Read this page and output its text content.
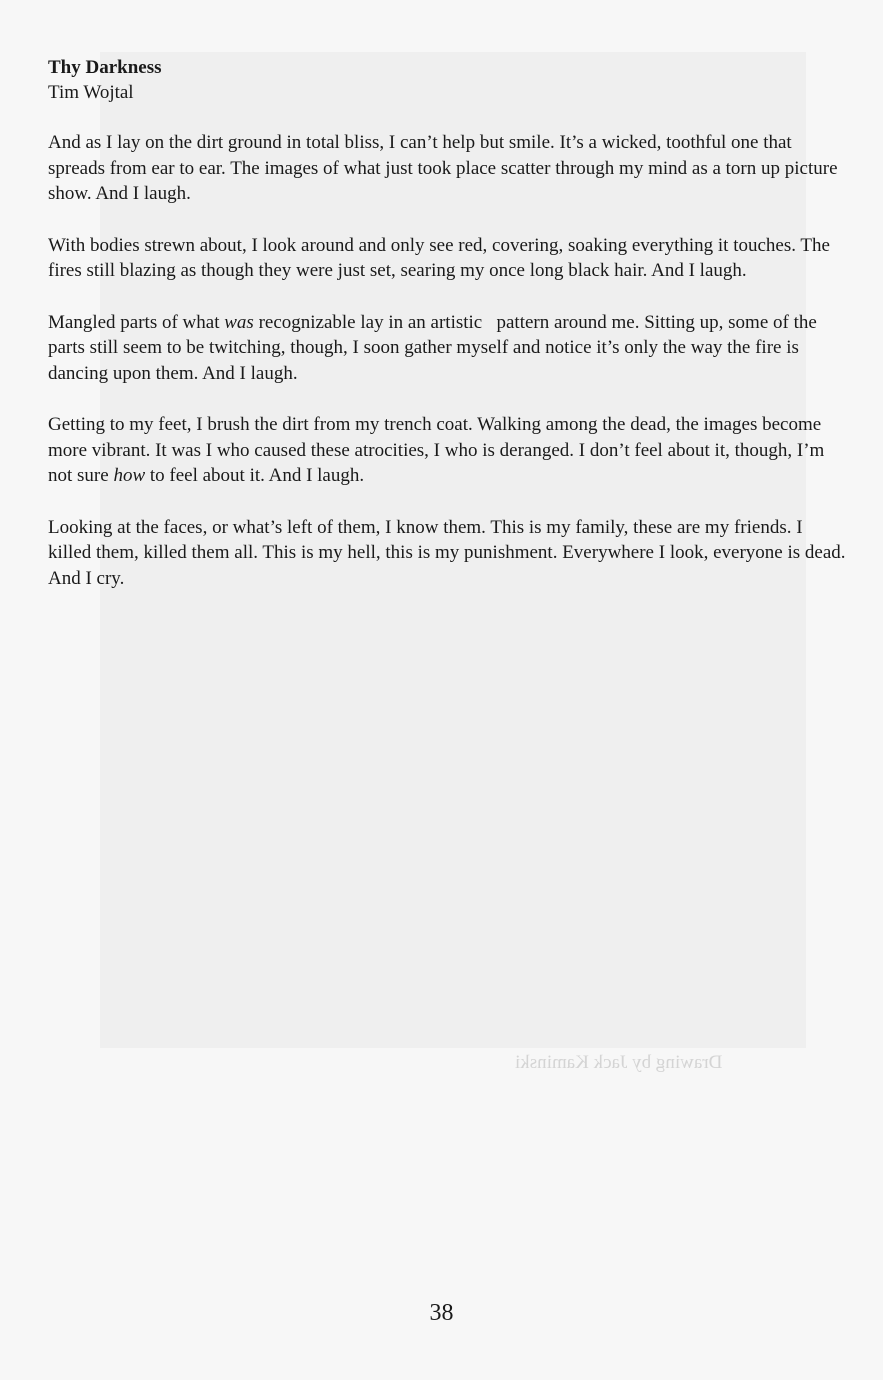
Drawing by Jack Kaminski

Thy Darkness

Tim Wojtal

And as I lay on the dirt ground in total bliss, I can’t help but smile. It’s a wicked, toothful one that spreads from ear to ear. The images of what just took place scatter through my mind as a torn up picture show. And I laugh.

With bodies strewn about, I look around and only see red, covering, soaking everything it touches. The fires still blazing as though they were just set, searing my once long black hair. And I laugh.

Mangled parts of what was recognizable lay in an artistic   pattern around me. Sitting up, some of the parts still seem to be twitching, though, I soon gather myself and notice it’s only the way the fire is dancing upon them. And I laugh.

Getting to my feet, I brush the dirt from my trench coat. Walking among the dead, the images become more vibrant. It was I who caused these atrocities, I who is deranged. I don’t feel about it, though, I’m not sure how to feel about it. And I laugh.

Looking at the faces, or what’s left of them, I know them. This is my family, these are my friends. I killed them, killed them all. This is my hell, this is my punishment. Everywhere I look, everyone is dead. And I cry.

38
